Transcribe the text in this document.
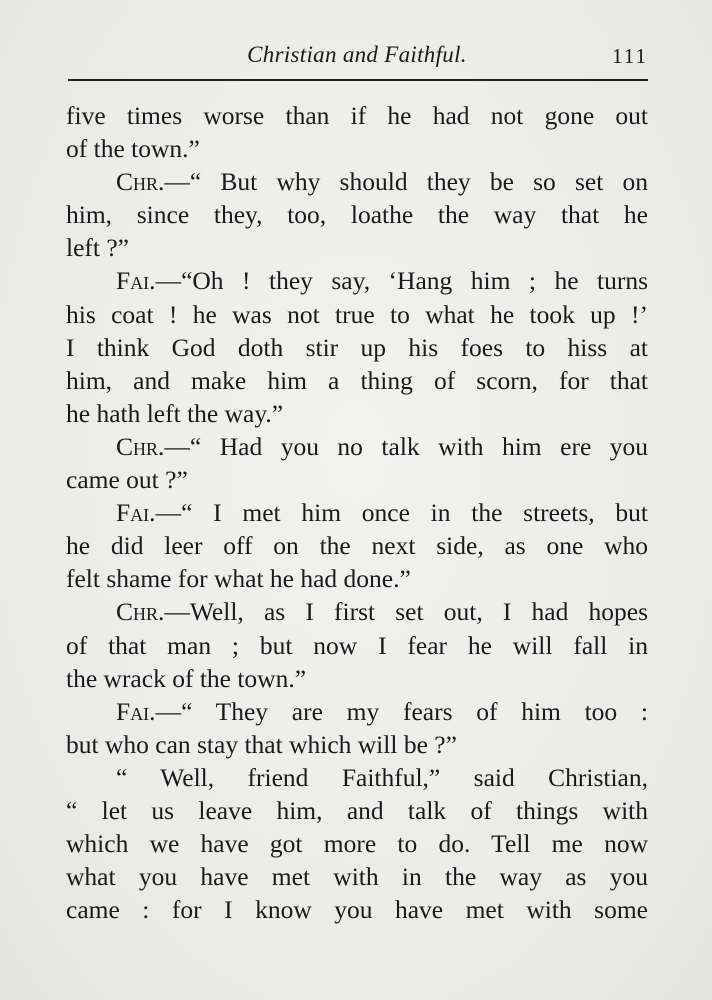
Christian and Faithful.	111
five times worse than if he had not gone out
of the town.”
Chr.—“ But why should they be so set on
him, since they, too, loathe the way that he
left ?”
Fai.—“Oh ! they say, ‘Hang him ; he turns
his coat ! he was not true to what he took up !’
I think God doth stir up his foes to hiss at
him, and make him a thing of scorn, for that
he hath left the way.”
Chr.—“ Had you no talk with him ere you
came out ?”
Fai.—“ I met him once in the streets, but
he did leer off on the next side, as one who
felt shame for what he had done.”
Chr.—Well, as I first set out, I had hopes
of that man ; but now I fear he will fall in
the wrack of the town.”
Fai.—“ They are my fears of him too :
but who can stay that which will be ?”
“ Well, friend Faithful,” said Christian,
“ let us leave him, and talk of things with
which we have got more to do. Tell me now
what you have met with in the way as you
came : for I know you have met with some
